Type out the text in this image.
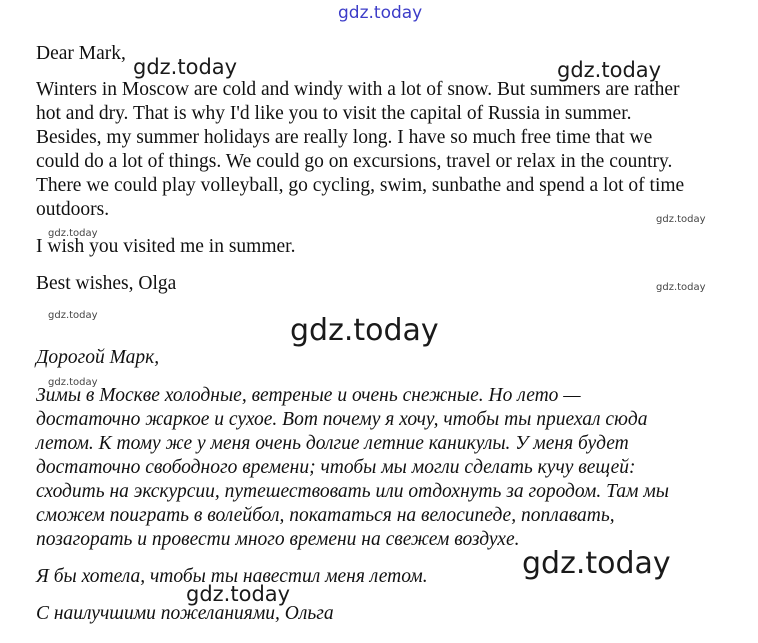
gdz.today
gdz.today	gdz.today
gdz.today
gdz.today
gdz.today
gdz.today	gdz.today
gdz.today
gdz.today
gdz.today
Dear Mark,
Winters in Moscow are cold and windy with a lot of snow. But summers are rather
hot and dry. That is why I'd like you to visit the capital of Russia in summer.
Besides, my summer holidays are really long. I have so much free time that we
could do a lot of things. We could go on excursions, travel or relax in the country.
There we could play volleyball, go cycling, swim, sunbathe and spend a lot of time
outdoors.
I wish you visited me in summer.
Best wishes, Olga
Дорогой Марк,
Зимы в Москве холодные, ветреные и очень снежные. Но лето —
достаточно жаркое и сухое. Вот почему я хочу, чтобы ты приехал сюда
летом. К тому же у меня очень долгие летние каникулы. У меня будет
достаточно свободного времени; чтобы мы могли сделать кучу вещей:
сходить на экскурсии, путешествовать или отдохнуть за городом. Там мы
сможем поиграть в волейбол, покататься на велосипеде, поплавать,
позагорать и провести много времени на свежем воздухе.
Я бы хотела, чтобы ты навестил меня летом.
С наилучшими пожеланиями, Ольга
